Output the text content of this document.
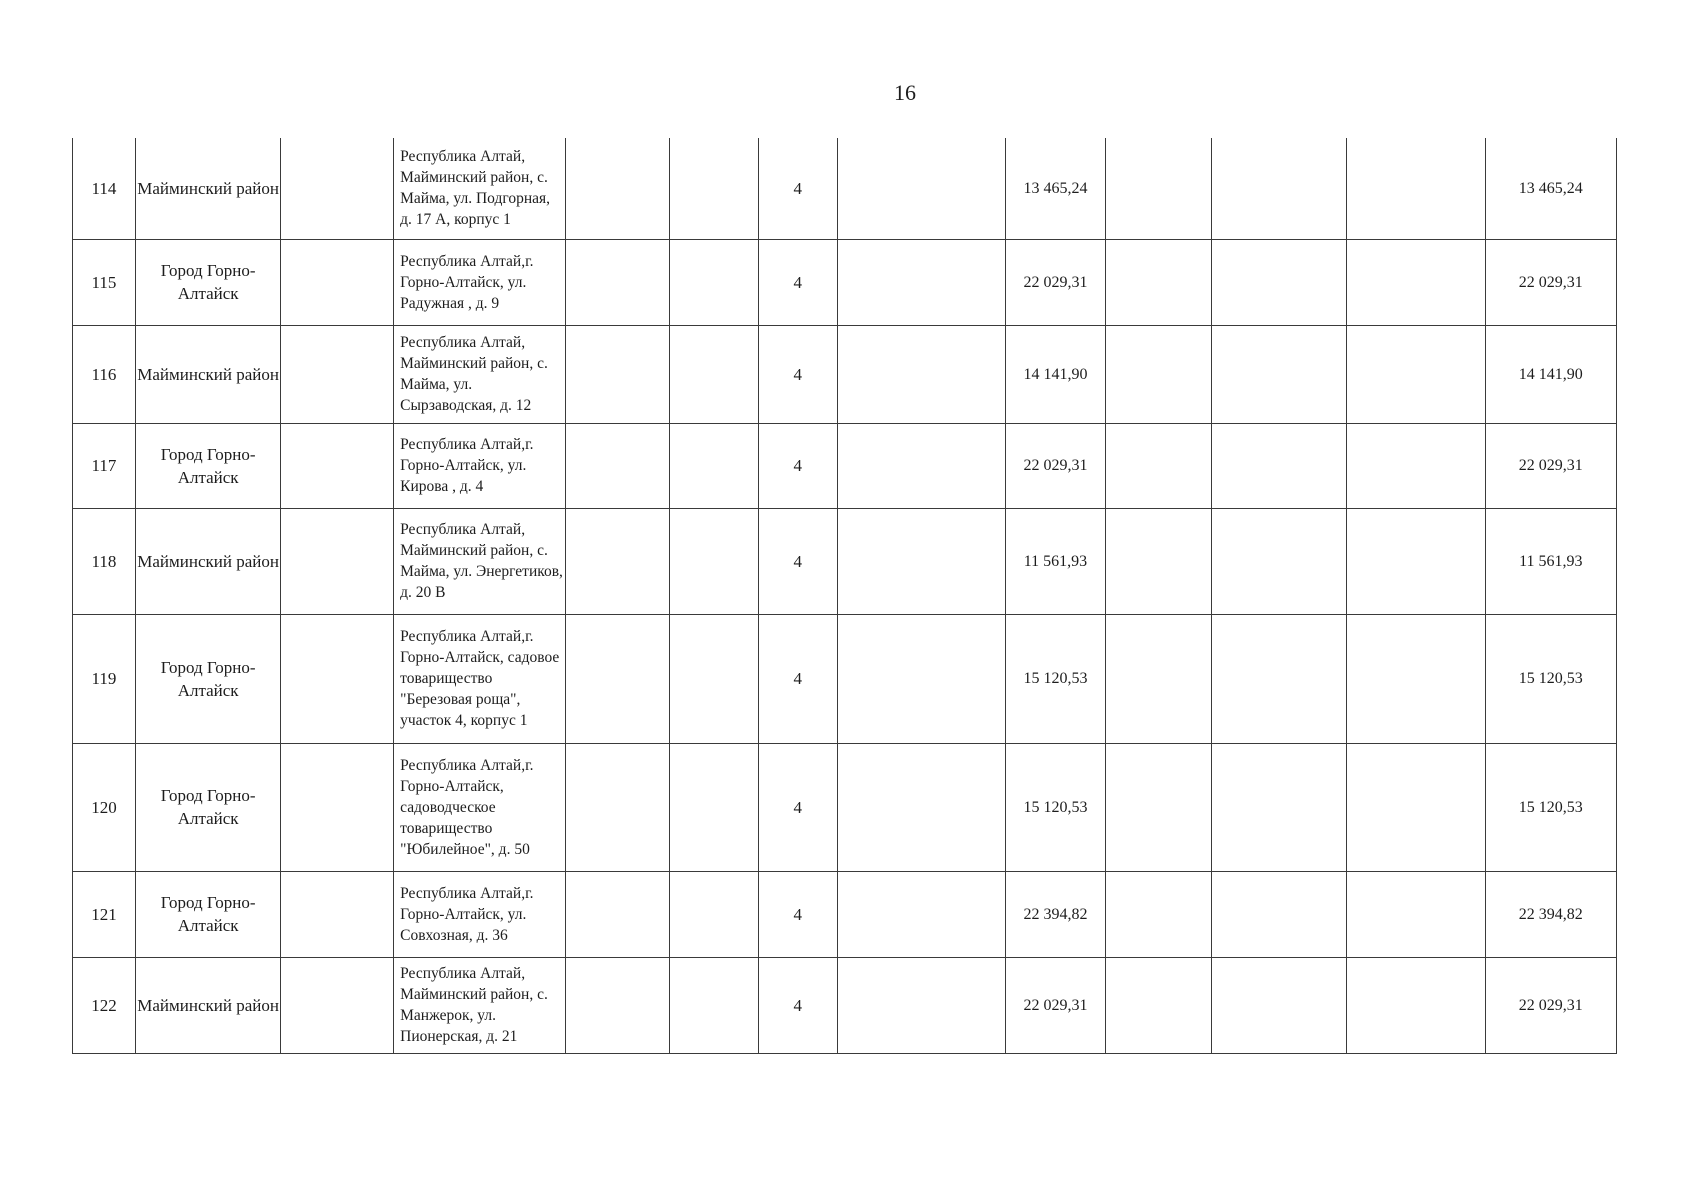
16
114	Майминский район		Республика Алтай, Майминский район, с. Майма, ул. Подгорная, д. 17 А, корпус 1			4		13 465,24				13 465,24
115	Город Горно-Алтайск		Республика Алтай,г. Горно-Алтайск, ул. Радужная , д. 9			4		22 029,31				22 029,31
116	Майминский район		Республика Алтай, Майминский район, с. Майма, ул. Сырзаводская, д. 12			4		14 141,90				14 141,90
117	Город Горно-Алтайск		Республика Алтай,г. Горно-Алтайск, ул. Кирова , д. 4			4		22 029,31				22 029,31
118	Майминский район		Республика Алтай, Майминский район, с. Майма, ул. Энергетиков, д. 20 В			4		11 561,93				11 561,93
119	Город Горно-Алтайск		Республика Алтай,г. Горно-Алтайск, садовое товарищество "Березовая роща", участок 4, корпус 1			4		15 120,53				15 120,53
120	Город Горно-Алтайск		Республика Алтай,г. Горно-Алтайск, садоводческое товарищество "Юбилейное", д. 50			4		15 120,53				15 120,53
121	Город Горно-Алтайск		Республика Алтай,г. Горно-Алтайск, ул. Совхозная, д. 36			4		22 394,82				22 394,82
122	Майминский район		Республика Алтай, Майминский район, с. Манжерок, ул. Пионерская, д. 21			4		22 029,31				22 029,31
